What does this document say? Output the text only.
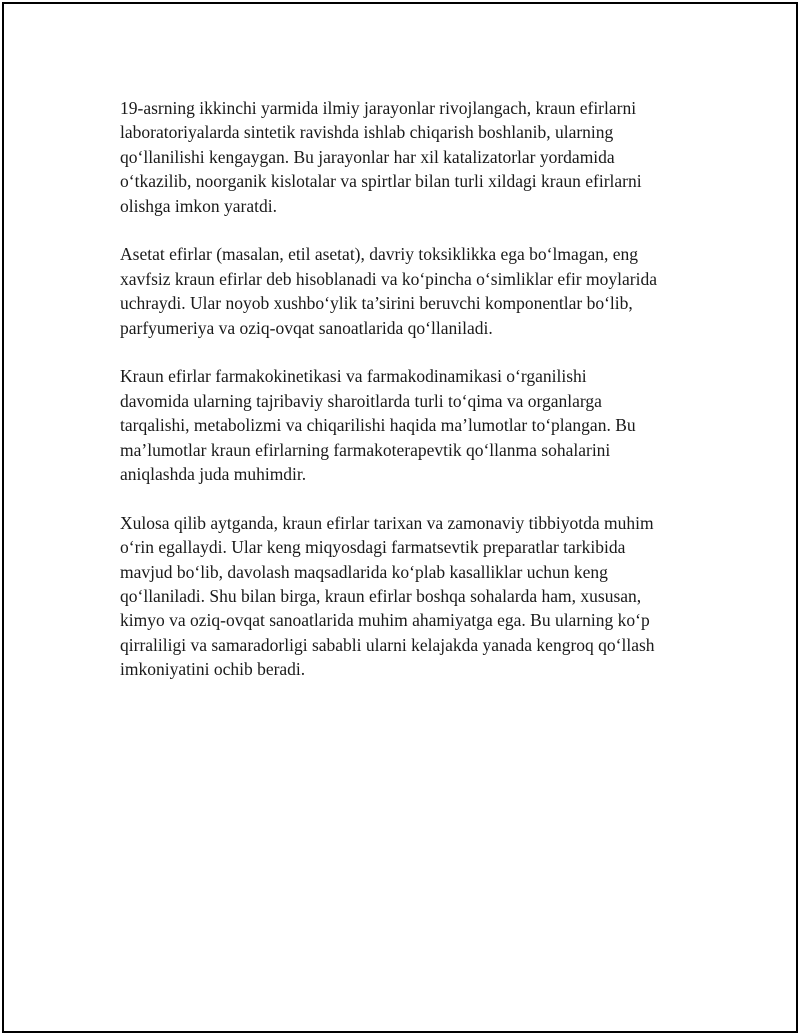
19-asrning ikkinchi yarmida ilmiy jarayonlar rivojlangach, kraun efirlarni
laboratoriyalarda sintetik ravishda ishlab chiqarish boshlanib, ularning
qo‘llanilishi kengaygan. Bu jarayonlar har xil katalizatorlar yordamida
o‘tkazilib, noorganik kislotalar va spirtlar bilan turli xildagi kraun efirlarni
olishga imkon yaratdi.

Asetat efirlar (masalan, etil asetat), davriy toksiklikka ega bo‘lmagan, eng
xavfsiz kraun efirlar deb hisoblanadi va ko‘pincha o‘simliklar efir moylarida
uchraydi. Ular noyob xushbo‘ylik ta’sirini beruvchi komponentlar bo‘lib,
parfyumeriya va oziq-ovqat sanoatlarida qo‘llaniladi.

Kraun efirlar farmakokinetikasi va farmakodinamikasi o‘rganilishi
davomida ularning tajribaviy sharoitlarda turli to‘qima va organlarga
tarqalishi, metabolizmi va chiqarilishi haqida ma’lumotlar to‘plangan. Bu
ma’lumotlar kraun efirlarning farmakoterapevtik qo‘llanma sohalarini
aniqlashda juda muhimdir.

Xulosa qilib aytganda, kraun efirlar tarixan va zamonaviy tibbiyotda muhim
o‘rin egallaydi. Ular keng miqyosdagi farmatsevtik preparatlar tarkibida
mavjud bo‘lib, davolash maqsadlarida ko‘plab kasalliklar uchun keng
qo‘llaniladi. Shu bilan birga, kraun efirlar boshqa sohalarda ham, xususan,
kimyo va oziq-ovqat sanoatlarida muhim ahamiyatga ega. Bu ularning ko‘p
qirraliligi va samaradorligi sababli ularni kelajakda yanada kengroq qo‘llash
imkoniyatini ochib beradi.
